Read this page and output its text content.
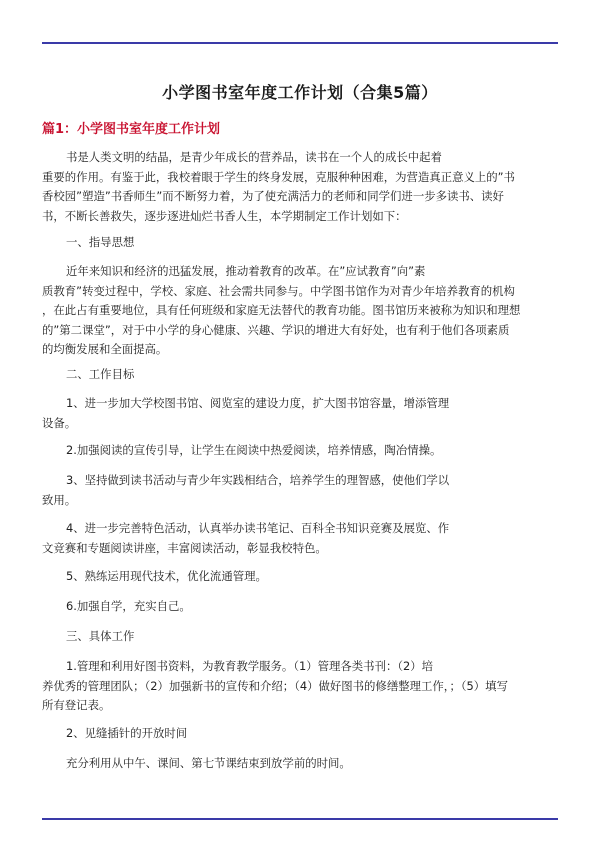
小学图书室年度工作计划（合集5篇）
篇1：小学图书室年度工作计划
书是人类文明的结晶，是青少年成长的营养品，读书在一个人的成长中起着
重要的作用。有鉴于此，我校着眼于学生的终身发展，克服种种困难，为营造真正意义上的”书
香校园”塑造”书香师生”而不断努力着，为了使充满活力的老师和同学们进一步多读书、读好
书，不断长善救失，逐步逐进灿烂书香人生，本学期制定工作计划如下：
一、指导思想
近年来知识和经济的迅猛发展，推动着教育的改革。在”应试教育”向”素
质教育”转变过程中，学校、家庭、社会需共同参与。中学图书馆作为对青少年培养教育的机构
，在此占有重要地位，具有任何班级和家庭无法替代的教育功能。图书馆历来被称为知识和理想
的”第二课堂”，对于中小学的身心健康、兴趣、学识的增进大有好处，也有利于他们各项素质
的均衡发展和全面提高。
二、工作目标
1、进一步加大学校图书馆、阅览室的建设力度，扩大图书馆容量，增添管理
设备。
2.加强阅读的宣传引导，让学生在阅读中热爱阅读，培养情感，陶冶情操。
3、坚持做到读书活动与青少年实践相结合，培养学生的理智感，使他们学以
致用。
4、进一步完善特色活动，认真举办读书笔记、百科全书知识竞赛及展览、作
文竞赛和专题阅读讲座，丰富阅读活动，彰显我校特色。
5、熟练运用现代技术，优化流通管理。
6.加强自学，充实自己。
三、具体工作
1.管理和利用好图书资料，为教育教学服务。（1）管理各类书刊：（2）培
养优秀的管理团队；（2）加强新书的宣传和介绍；（4）做好图书的修缮整理工作，；（5）填写
所有登记表。
2、见缝插针的开放时间
充分利用从中午、课间、第七节课结束到放学前的时间。
